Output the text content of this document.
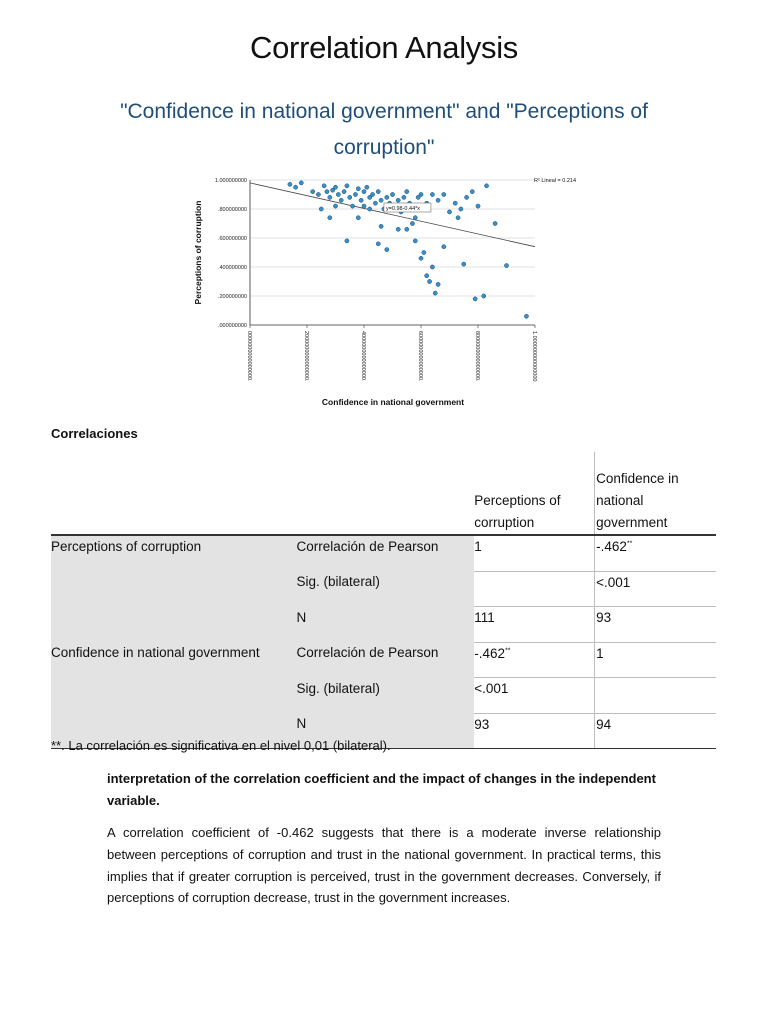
Correlation Analysis
"Confidence in national government" and "Perceptions of corruption"
.000000000
.200000000
.400000000
.600000000
.800000000
1.000000000
0000000000000000.	2000000000000000.	4000000000000000.	6000000000000000.	8000000000000000.	1.000000000000000
y=0.98-0.44*x
R² Lineal = 0.214
Confidence in national government
Perceptions of corruption
Correlaciones

		Perceptions of corruption	Confidence in national government

Perceptions of corruption	Correlación de Pearson	1	-.462**

	Sig. (bilateral)		<.001

	N	111	93

Confidence in national government	Correlación de Pearson	-.462**	1

	Sig. (bilateral)	<.001	

	N	93	94
**. La correlación es significativa en el nivel 0,01 (bilateral).
interpretation of the correlation coefficient and the impact of changes in the independent variable.
A correlation coefficient of -0.462 suggests that there is a moderate inverse relationship between perceptions of corruption and trust in the national government. In practical terms, this implies that if greater corruption is perceived, trust in the government decreases. Conversely, if perceptions of corruption decrease, trust in the government increases.
